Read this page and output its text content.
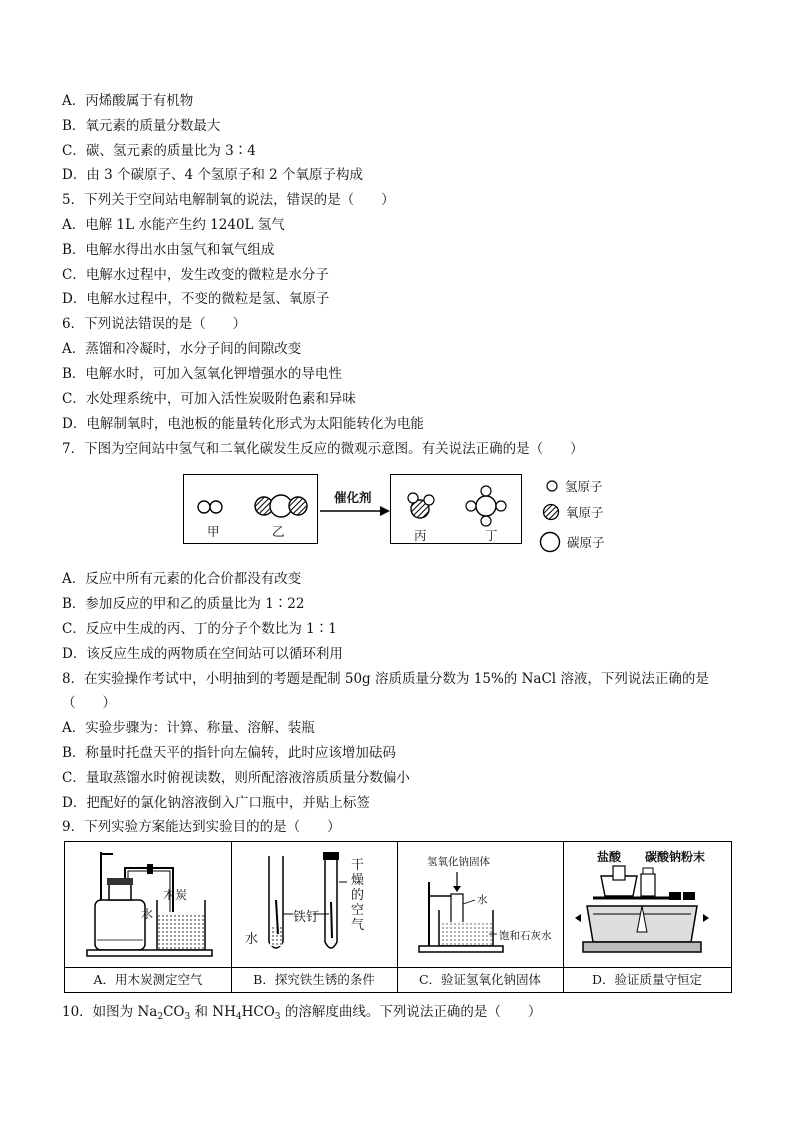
A．丙烯酸属于有机物
B．氧元素的质量分数最大
C．碳、氢元素的质量比为 3∶4
D．由 3 个碳原子、4 个氢原子和 2 个氧原子构成
5．下列关于空间站电解制氧的说法，错误的是（　　）
A．电解 1L 水能产生约 1240L 氢气
B．电解水得出水由氢气和氧气组成
C．电解水过程中，发生改变的微粒是水分子
D．电解水过程中，不变的微粒是氢、氧原子
6．下列说法错误的是（　　）
A．蒸馏和冷凝时，水分子间的间隙改变
B．电解水时，可加入氢氧化钾增强水的导电性
C．水处理系统中，可加入活性炭吸附色素和异味
D．电解制氧时，电池板的能量转化形式为太阳能转化为电能
7．下图为空间站中氢气和二氧化碳发生反应的微观示意图。有关说法正确的是（　　）
甲	乙
催化剂
丙	丁
氢原子
氧原子
碳原子
A．反应中所有元素的化合价都没有改变
B．参加反应的甲和乙的质量比为 1∶22
C．反应中生成的丙、丁的分子个数比为 1∶1
D．该反应生成的两物质在空间站可以循环利用
8．在实验操作考试中，小明抽到的考题是配制 50g 溶质质量分数为 15%的 NaCl 溶液，下列说法正确的是
（　　）
A．实验步骤为：计算、称量、溶解、装瓶
B．称量时托盘天平的指针向左偏转，此时应该增加砝码
C．量取蒸馏水时俯视读数，则所配溶液溶质质量分数偏小
D．把配好的氯化钠溶液倒入广口瓶中，并贴上标签
9．下列实验方案能达到实验目的的是（　　）
木炭
水
A．用木炭测定空气
水
铁钉
干燥的空气
B．探究铁生锈的条件
氢氧化钠固体
水
饱和石灰水
C．验证氢氧化钠固体
盐酸 碳酸钠粉末
D．验证质量守恒定
10．如图为 $Na_2CO_3$ 和 $NH_4HCO_3$ 的溶解度曲线。下列说法正确的是（　　）
